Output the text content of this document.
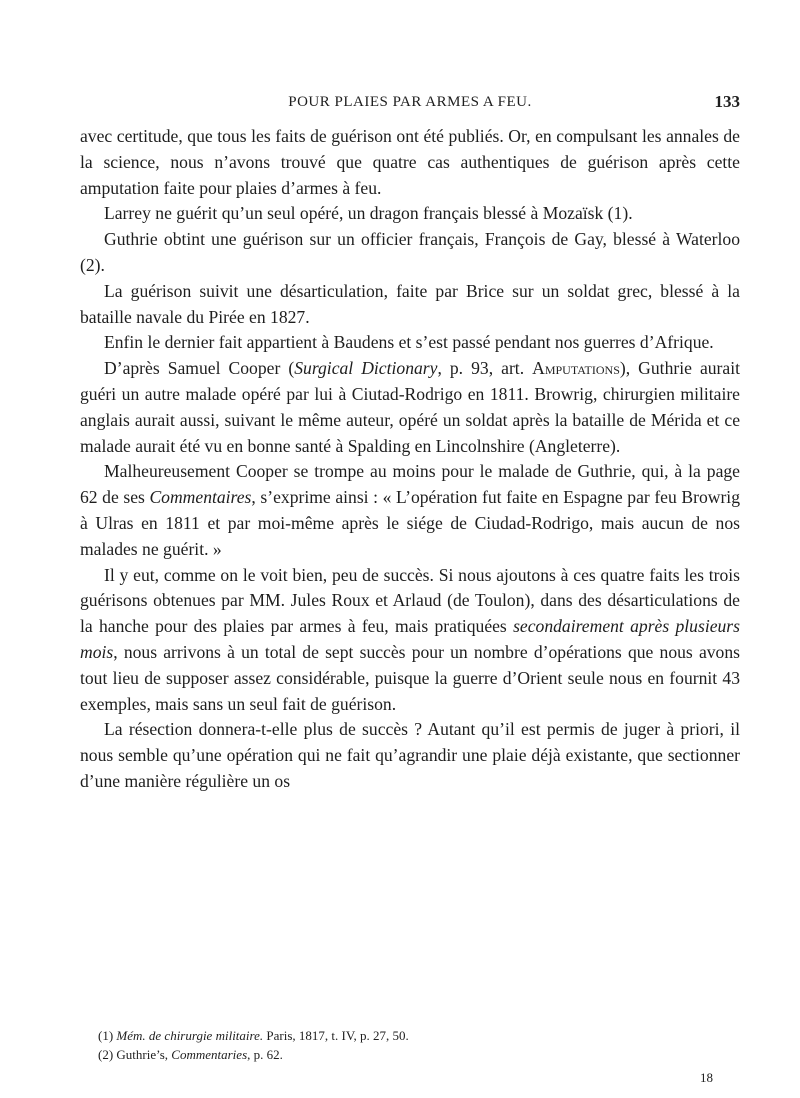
POUR PLAIES PAR ARMES A FEU.	133

avec certitude, que tous les faits de guérison ont été publiés. Or, en compulsant les annales de la science, nous n’avons trouvé que quatre cas authentiques de guérison après cette amputation faite pour plaies d’armes à feu.

Larrey ne guérit qu’un seul opéré, un dragon français blessé à Mozaïsk (1).

Guthrie obtint une guérison sur un officier français, François de Gay, blessé à Waterloo (2).

La guérison suivit une désarticulation, faite par Brice sur un soldat grec, blessé à la bataille navale du Pirée en 1827.

Enfin le dernier fait appartient à Baudens et s’est passé pendant nos guerres d’Afrique.

D’après Samuel Cooper (Surgical Dictionary, p. 93, art. Amputations), Guthrie aurait guéri un autre malade opéré par lui à Ciutad-Rodrigo en 1811. Browrig, chirurgien militaire anglais aurait aussi, suivant le même auteur, opéré un soldat après la bataille de Mérida et ce malade aurait été vu en bonne santé à Spalding en Lincolnshire (Angleterre).

Malheureusement Cooper se trompe au moins pour le malade de Guthrie, qui, à la page 62 de ses Commentaires, s’exprime ainsi : « L’opération fut faite en Espagne par feu Browrig à Ulras en 1811 et par moi-même après le siége de Ciudad-Rodrigo, mais aucun de nos malades ne guérit. »

Il y eut, comme on le voit bien, peu de succès. Si nous ajoutons à ces quatre faits les trois guérisons obtenues par MM. Jules Roux et Arlaud (de Toulon), dans des désarticulations de la hanche pour des plaies par armes à feu, mais pratiquées secondairement après plusieurs mois, nous arrivons à un total de sept succès pour un nombre d’opérations que nous avons tout lieu de supposer assez considérable, puisque la guerre d’Orient seule nous en fournit 43 exemples, mais sans un seul fait de guérison.

La résection donnera-t-elle plus de succès ? Autant qu’il est permis de juger à priori, il nous semble qu’une opération qui ne fait qu’agrandir une plaie déjà existante, que sectionner d’une manière régulière un os

(1) Mém. de chirurgie militaire. Paris, 1817, t. IV, p. 27, 50.

(2) Guthrie’s, Commentaries, p. 62.

18
